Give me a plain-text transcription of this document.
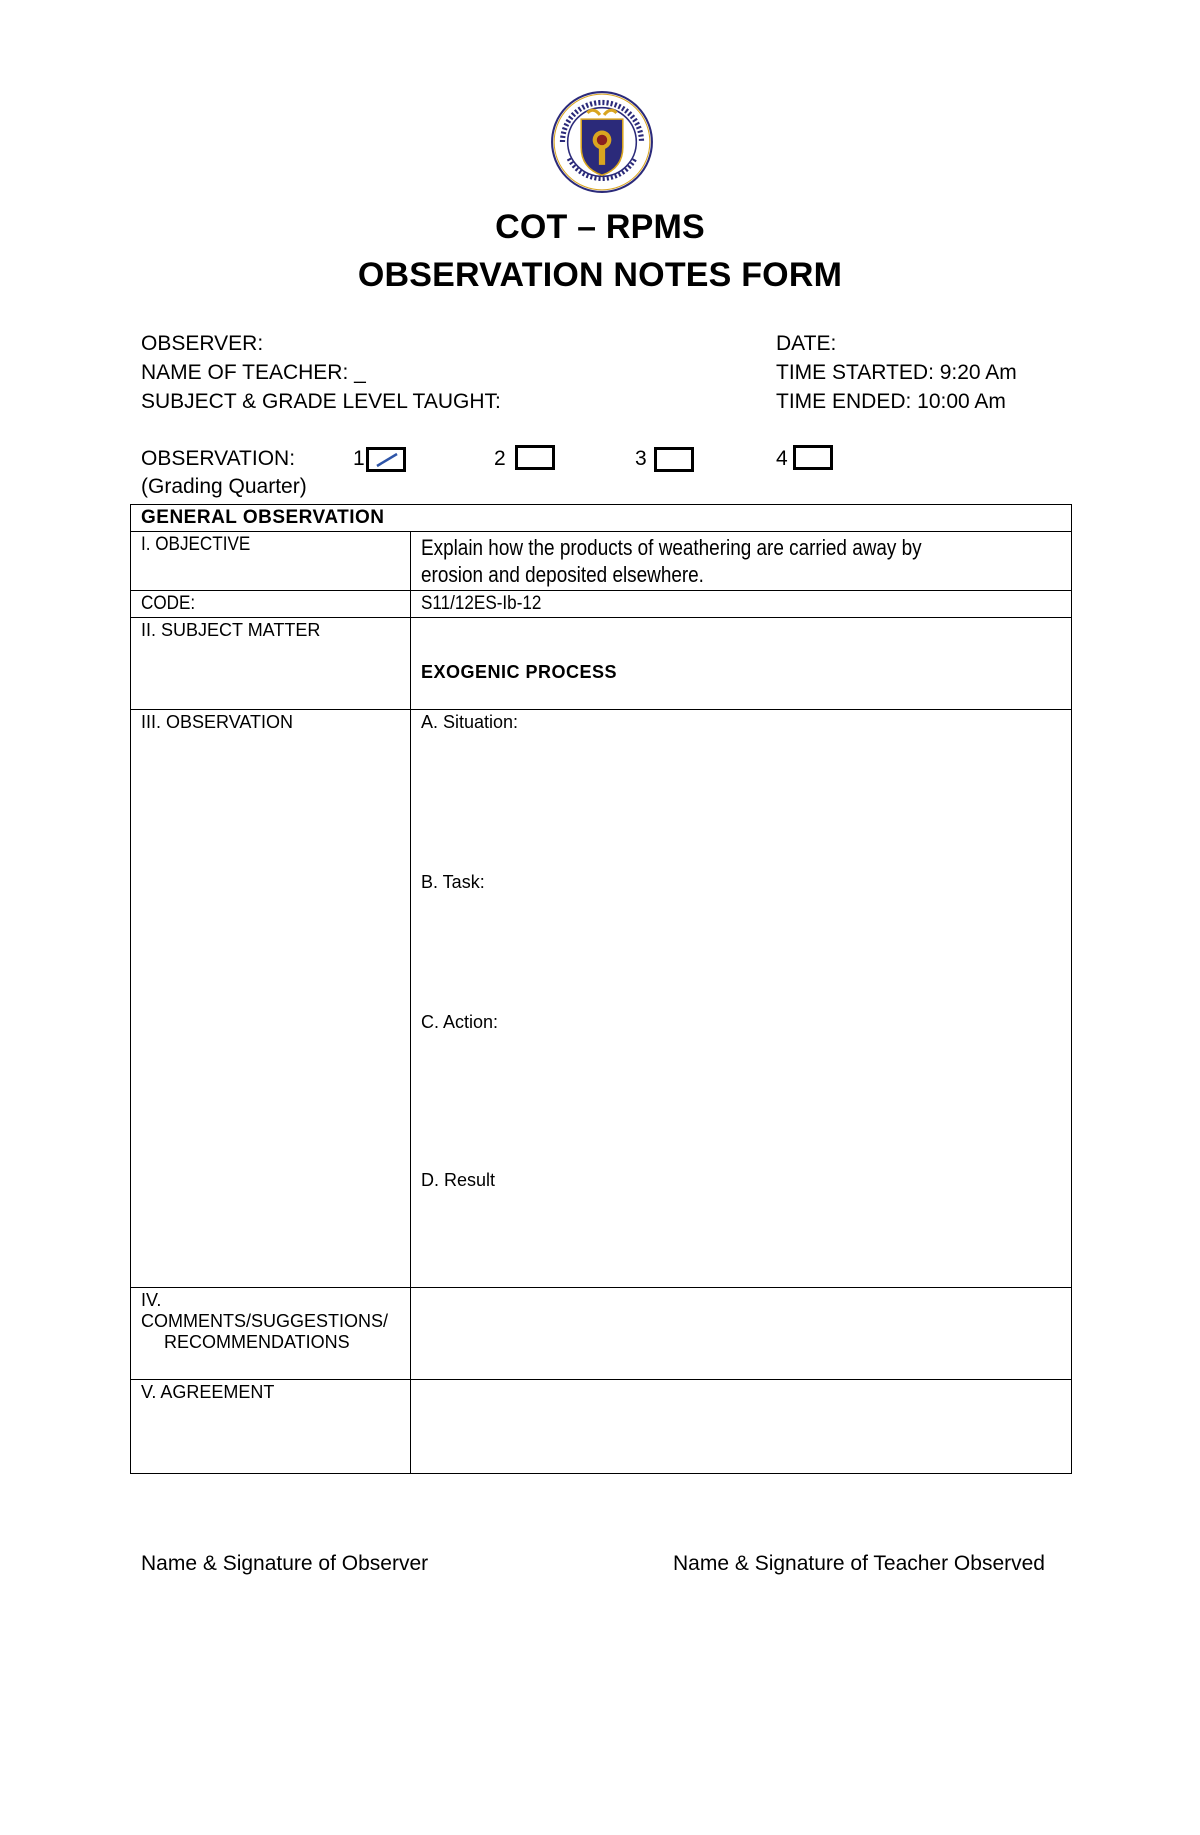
COT – RPMS
OBSERVATION NOTES FORM
OBSERVER:
NAME OF TEACHER: _
SUBJECT & GRADE LEVEL TAUGHT:
DATE:
TIME STARTED: 9:20 Am
TIME ENDED: 10:00 Am
OBSERVATION:
(Grading Quarter)
1	2	3	4
GENERAL OBSERVATION	
I. OBJECTIVE	Explain how the products of weathering are carried away by erosion and deposited elsewhere.

CODE:	S11/12ES-Ib-12
II. SUBJECT MATTER	EXOGENIC PROCESS
III. OBSERVATION	A. Situation:
B. Task:
C. Action:
D. Result

IV. COMMENTS/SUGGESTIONS/
RECOMMENDATIONS	

V. AGREEMENT	
Name & Signature of Observer	Name & Signature of Teacher Observed
